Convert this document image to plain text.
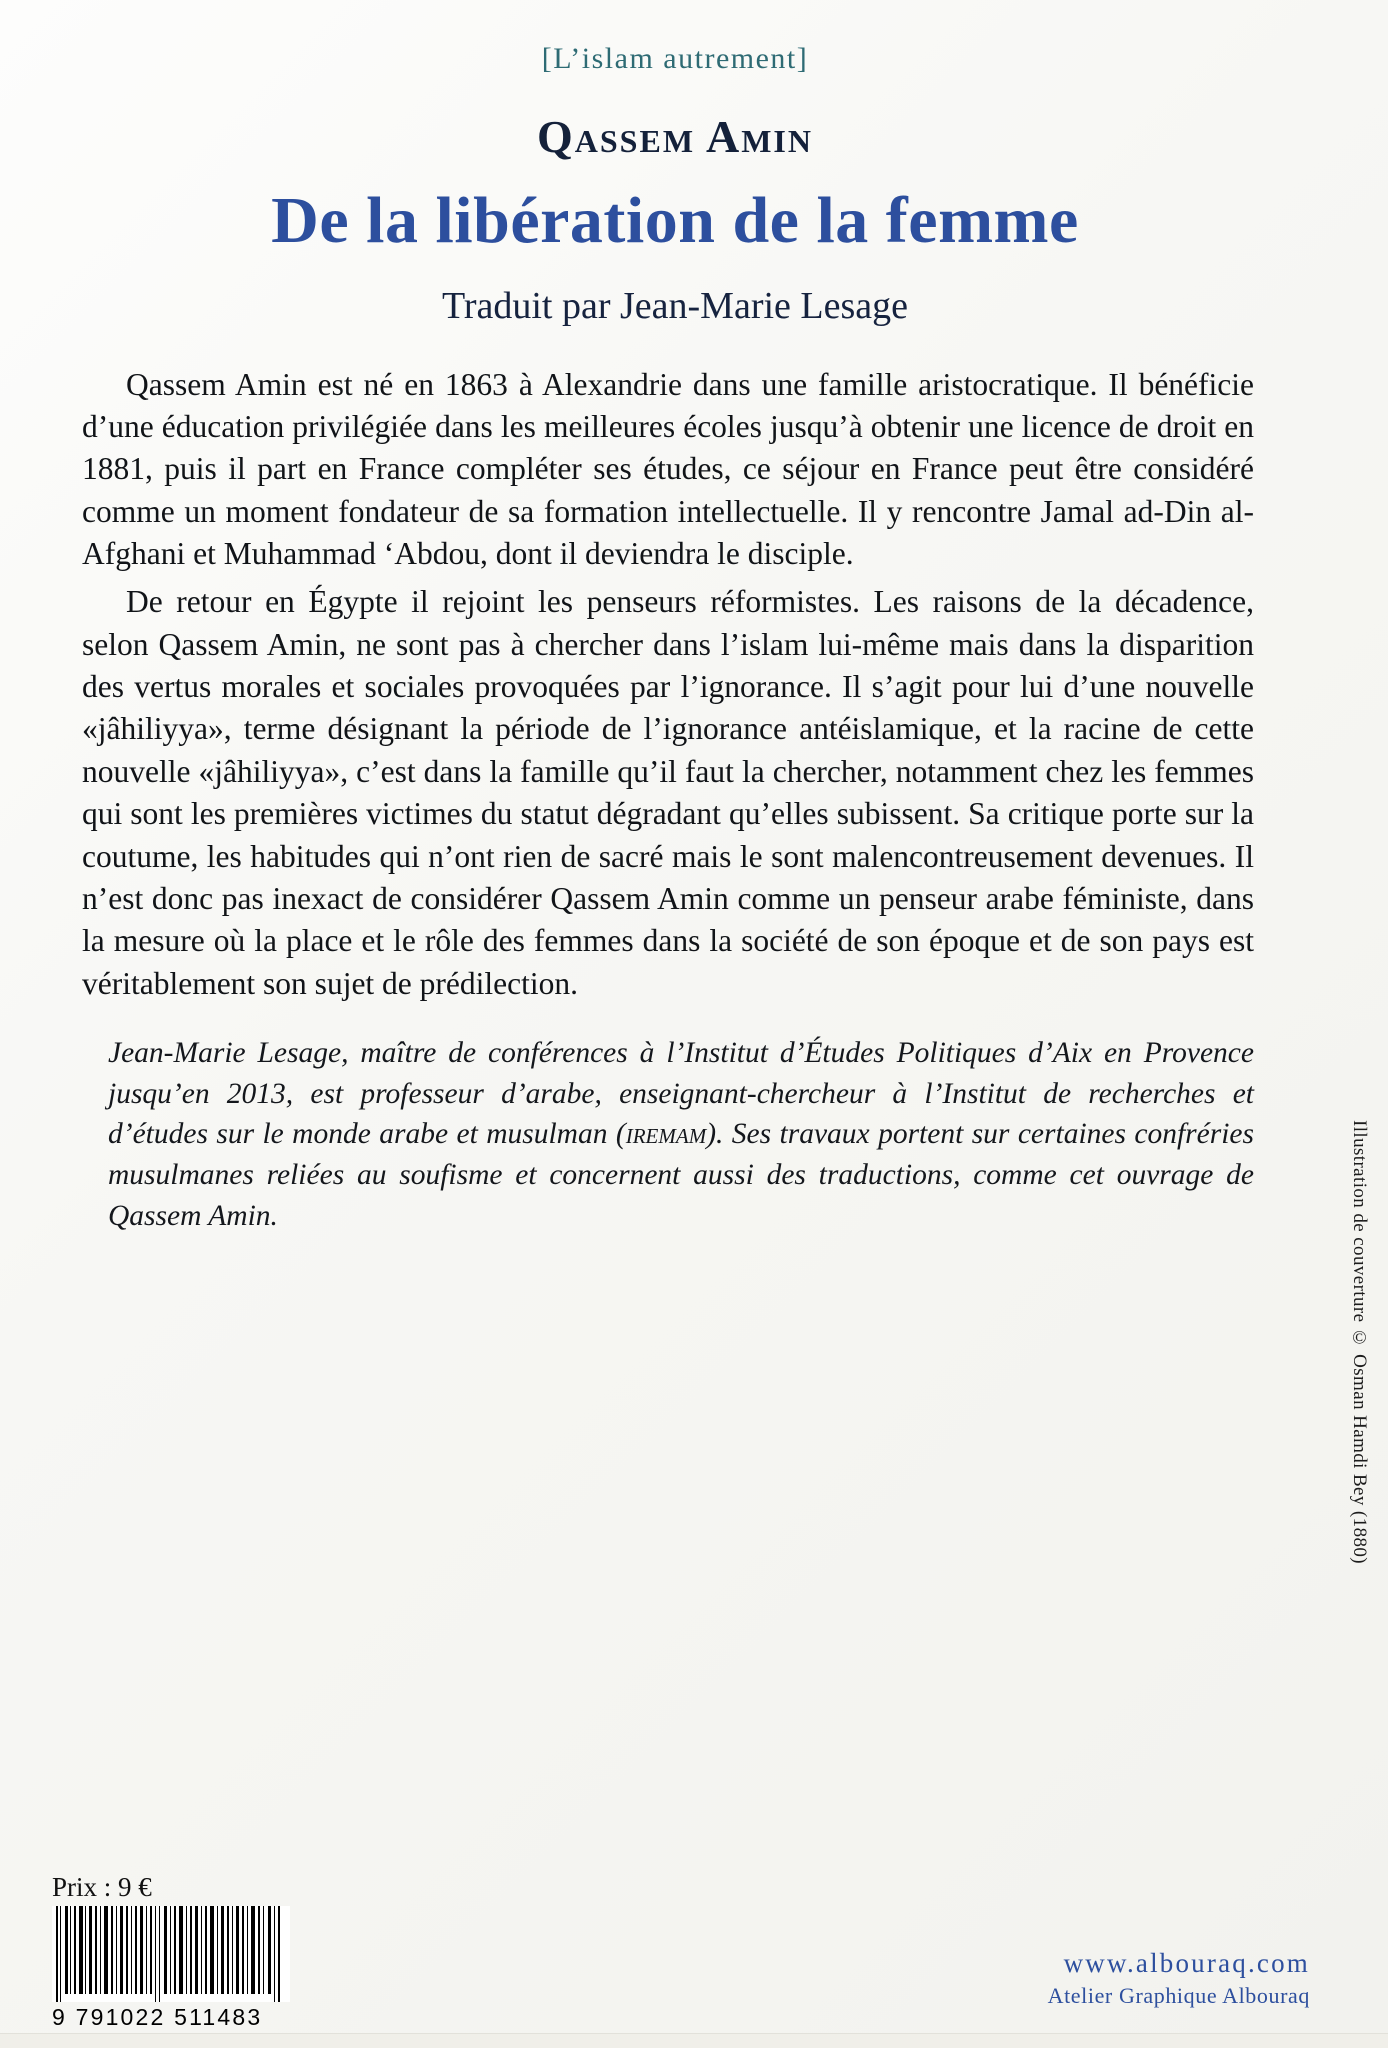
[L’islam autrement]
Qassem Amin
De la libération de la femme
Traduit par Jean-Marie Lesage

Qassem Amin est né en 1863 à Alexandrie dans une famille aristocratique. Il bénéficie d’une éducation privilégiée dans les meilleures écoles jusqu’à obtenir une licence de droit en 1881, puis il part en France compléter ses études, ce séjour en France peut être considéré comme un moment fondateur de sa formation intellectuelle. Il y rencontre Jamal ad-Din al-Afghani et Muhammad ‘Abdou, dont il deviendra le disciple.

De retour en Égypte il rejoint les penseurs réformistes. Les raisons de la décadence, selon Qassem Amin, ne sont pas à chercher dans l’islam lui-même mais dans la disparition des vertus morales et sociales provoquées par l’ignorance. Il s’agit pour lui d’une nouvelle «jâhiliyya», terme désignant la période de l’ignorance antéislamique, et la racine de cette nouvelle «jâhiliyya», c’est dans la famille qu’il faut la chercher, notamment chez les femmes qui sont les premières victimes du statut dégradant qu’elles subissent. Sa critique porte sur la coutume, les habitudes qui n’ont rien de sacré mais le sont malencontreusement devenues. Il n’est donc pas inexact de considérer Qassem Amin comme un penseur arabe féministe, dans la mesure où la place et le rôle des femmes dans la société de son époque et de son pays est véritablement son sujet de prédilection.

Jean-Marie Lesage, maître de conférences à l’Institut d’Études Politiques d’Aix en Provence jusqu’en 2013, est professeur d’arabe, enseignant-chercheur à l’Institut de recherches et d’études sur le monde arabe et musulman (iremam). Ses travaux portent sur certaines confréries musulmanes reliées au soufisme et concernent aussi des traductions, comme cet ouvrage de Qassem Amin.	Illustration de couverture © Osman Hamdi Bey (1880)
Prix : 9 €
9 791022 511483
www.albouraq.com
Atelier Graphique Albouraq
